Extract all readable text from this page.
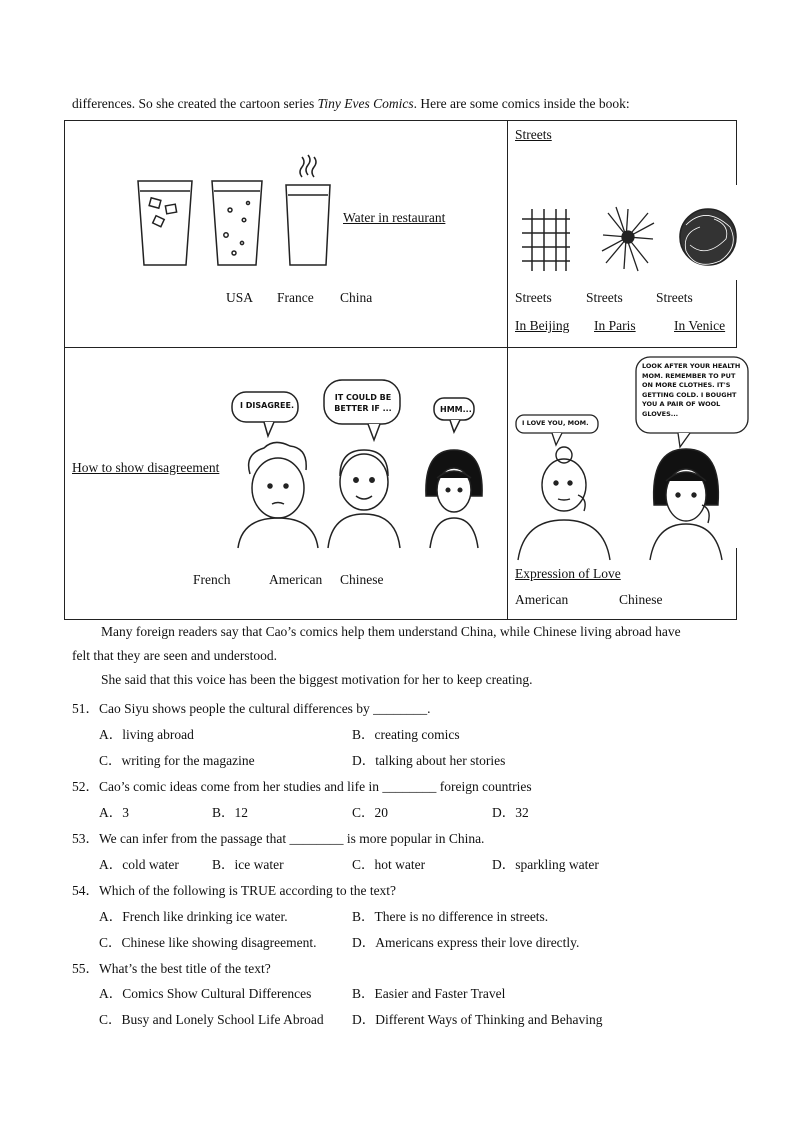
differences. So she created the cartoon series Tiny Eves Comics. Here are some comics inside the book:
Water in restaurant
USA France China
Streets
Streets	Streets Streets
In Beijing In Paris	In Venice
How to show disagreement
I DISAGREE.
IT COULD BE BETTER IF ...	HMM...
French	American Chinese
I LOVE YOU, MOM.
LOOK AFTER YOUR HEALTH MOM. REMEMBER TO PUT ON MORE CLOTHES. IT'S GETTING COLD. I BOUGHT YOU A PAIR OF WOOL GLOVES...
Expression of Love
American	Chinese
Many foreign readers say that Cao’s comics help them understand China, while Chinese living abroad have
felt that they are seen and understood.
She said that this voice has been the biggest motivation for her to keep creating.
51．Cao Siyu shows people the cultural differences by ________.
A．living abroad	B．creating comics
C．writing for the magazine	D．talking about her stories
52．Cao’s comic ideas come from her studies and life in ________ foreign countries
A．3	B．12	C．20	D．32
53．We can infer from the passage that ________ is more popular in China.
A．cold water B．ice water	C．hot water	D．sparkling water
54．Which of the following is TRUE according to the text?
A．French like drinking ice water.	B．There is no difference in streets.
C．Chinese like showing disagreement.	D．Americans express their love directly.
55．What’s the best title of the text?
A．Comics Show Cultural Differences	B．Easier and Faster Travel
C．Busy and Lonely School Life Abroad D．Different Ways of Thinking and Behaving
